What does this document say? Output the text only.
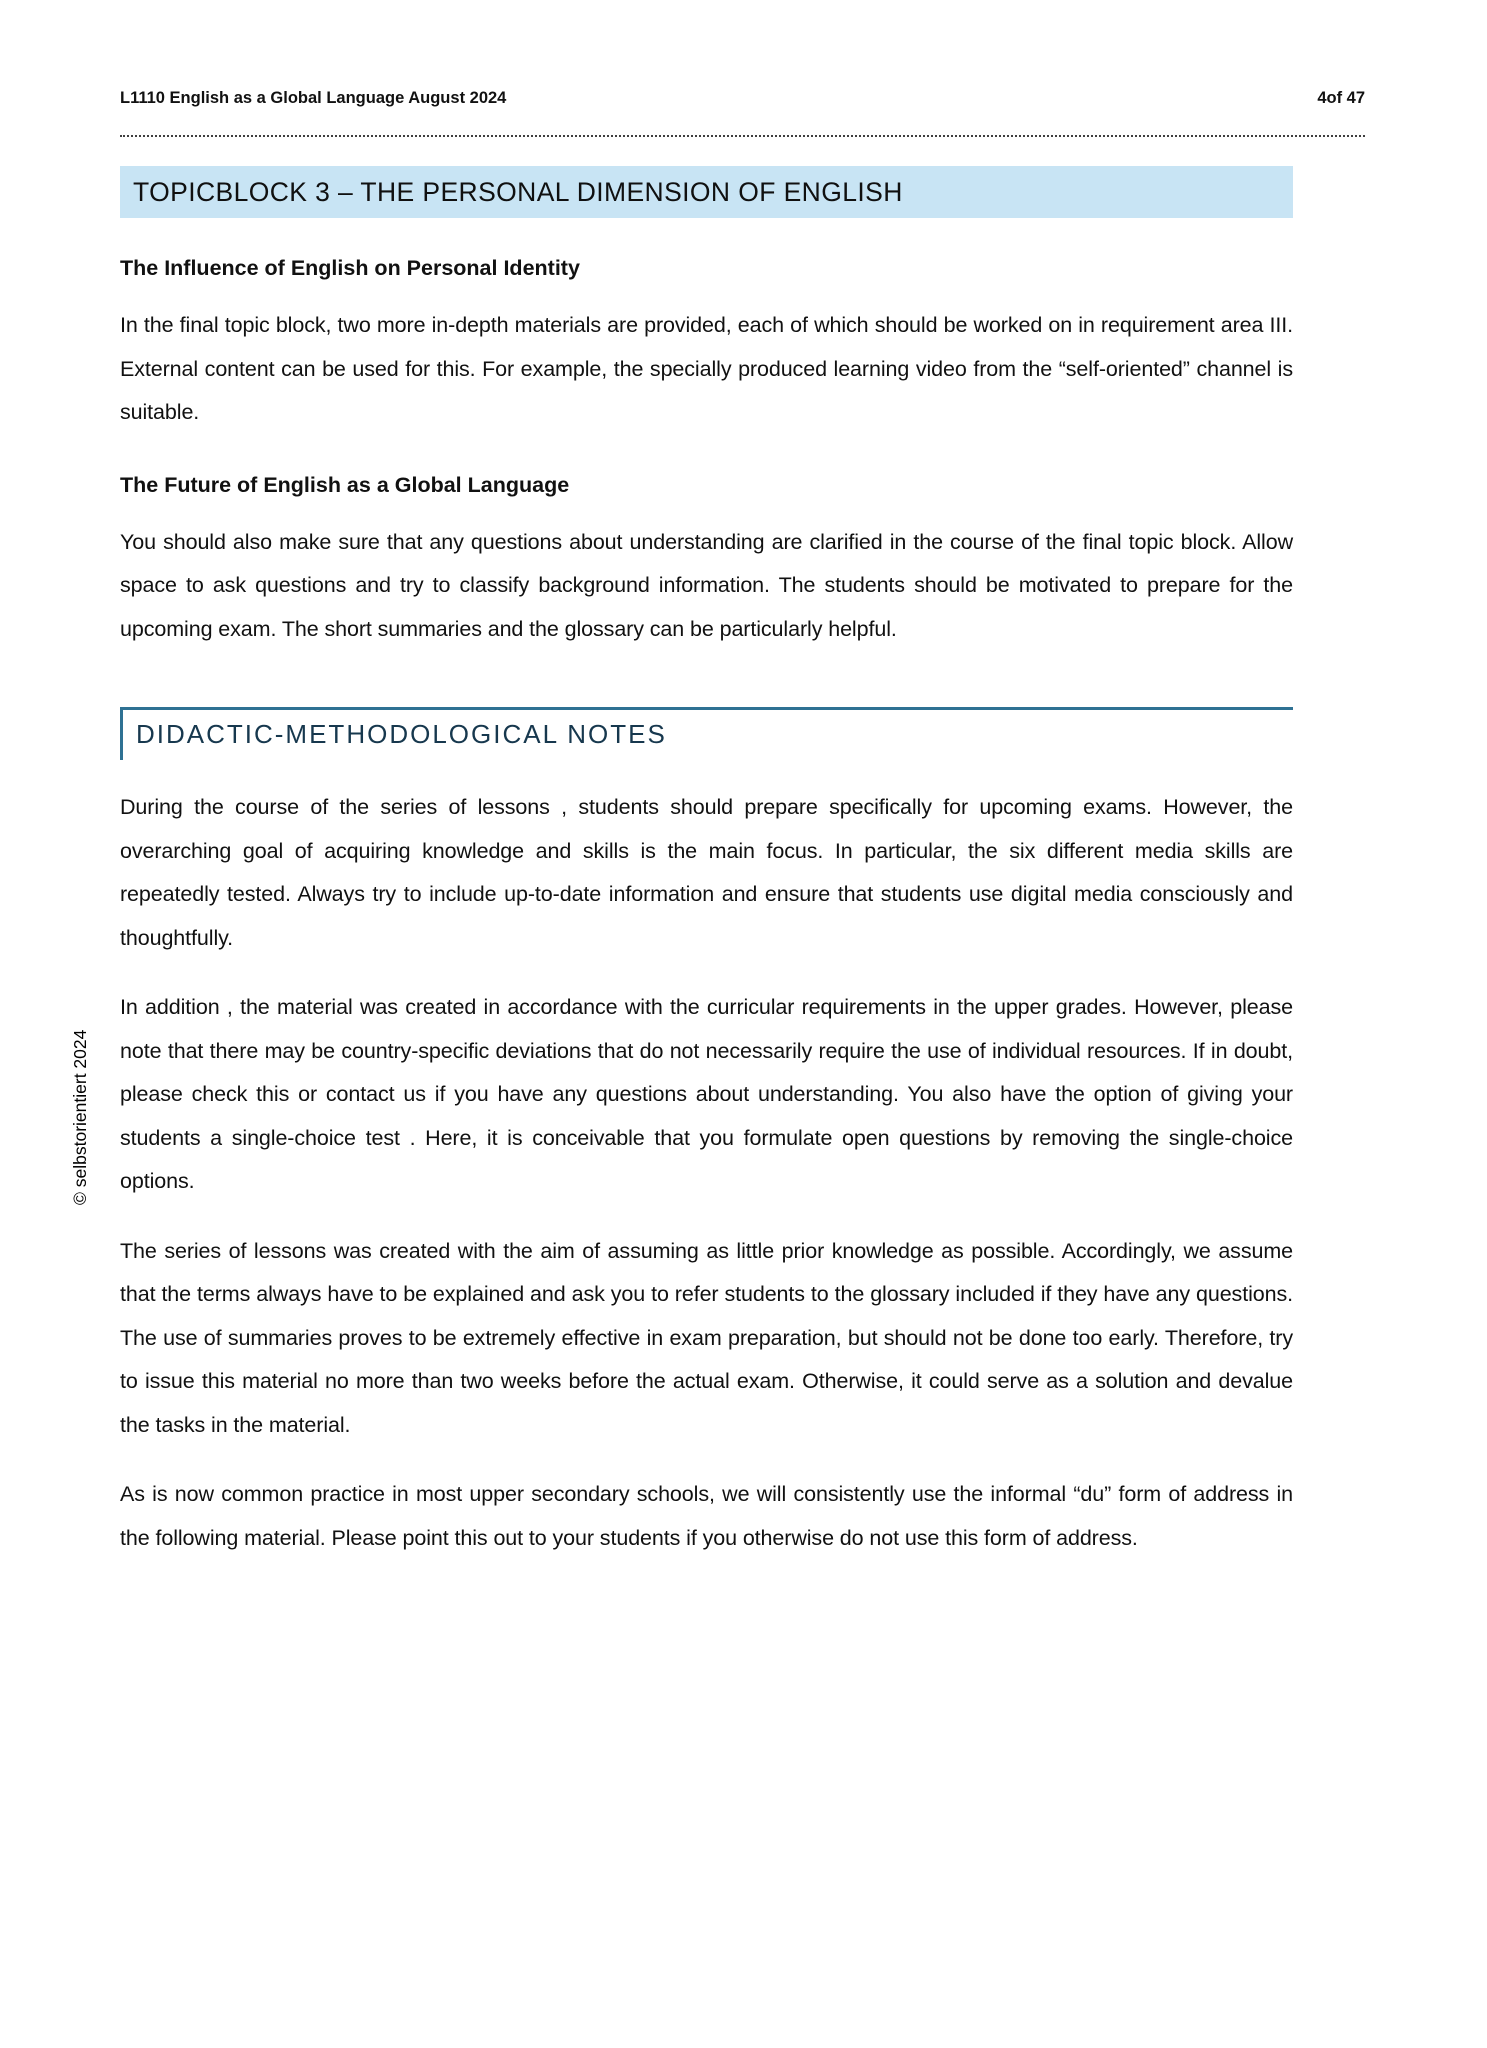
L1110 English as a Global Language August 2024	4of 47
© selbstorientiert 2024
TOPICBLOCK 3 – THE PERSONAL DIMENSION OF ENGLISH
The Influence of English on Personal Identity
In the final topic block, two more in-depth materials are provided, each of which should be worked on in requirement area III. External content can be used for this. For example, the specially produced learning video from the “self-oriented” channel is suitable.
The Future of English as a Global Language
You should also make sure that any questions about understanding are clarified in the course of the final topic block. Allow space to ask questions and try to classify background information. The students should be motivated to prepare for the upcoming exam. The short summaries and the glossary can be particularly helpful.
DIDACTIC-METHODOLOGICAL NOTES
During the course of the series of lessons , students should prepare specifically for upcoming exams. However, the overarching goal of acquiring knowledge and skills is the main focus. In particular, the six different media skills are repeatedly tested. Always try to include up-to-date information and ensure that students use digital media consciously and thoughtfully.
In addition , the material was created in accordance with the curricular requirements in the upper grades. However, please note that there may be country-specific deviations that do not necessarily require the use of individual resources. If in doubt, please check this or contact us if you have any questions about understanding. You also have the option of giving your students a single-choice test . Here, it is conceivable that you formulate open questions by removing the single-choice options.
The series of lessons was created with the aim of assuming as little prior knowledge as possible. Accordingly, we assume that the terms always have to be explained and ask you to refer students to the glossary included if they have any questions. The use of summaries proves to be extremely effective in exam preparation, but should not be done too early. Therefore, try to issue this material no more than two weeks before the actual exam. Otherwise, it could serve as a solution and devalue the tasks in the material.
As is now common practice in most upper secondary schools, we will consistently use the informal “du” form of address in the following material. Please point this out to your students if you otherwise do not use this form of address.
